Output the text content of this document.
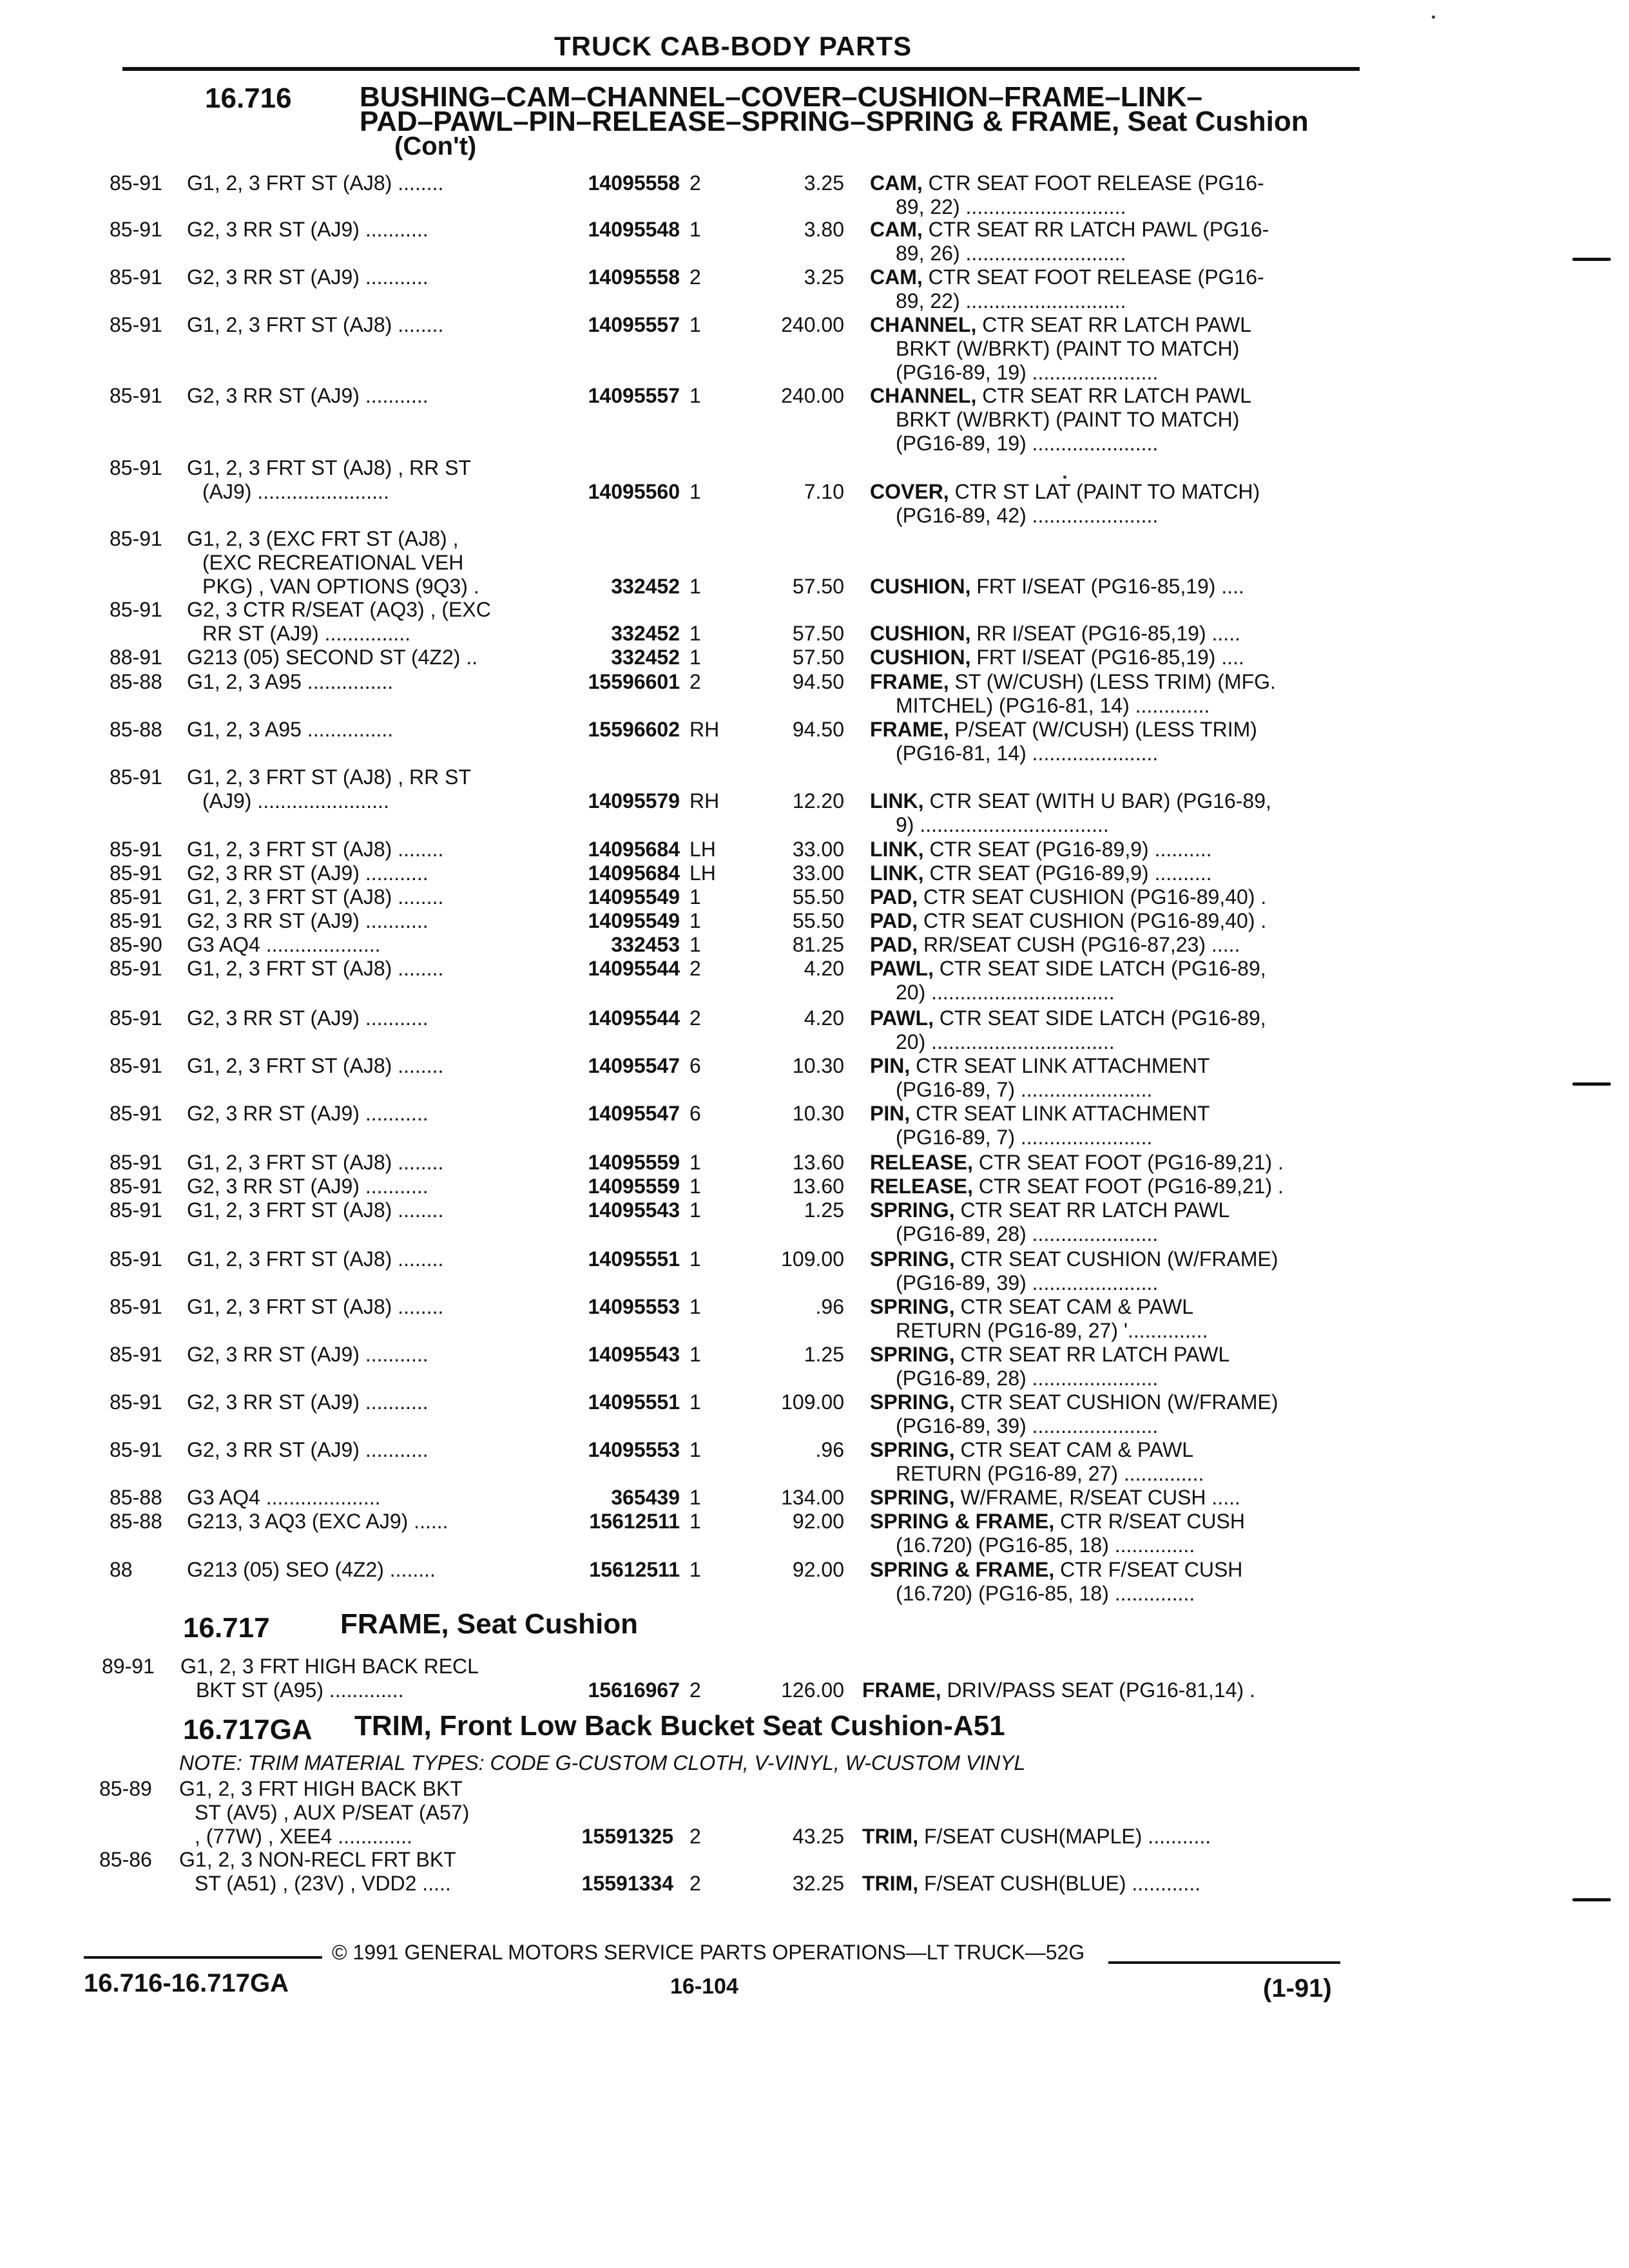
TRUCK CAB-BODY PARTS
16.716 BUSHING–CAM–CHANNEL–COVER–CUSHION–FRAME–LINK–
PAD–PAWL–PIN–RELEASE–SPRING–SPRING & FRAME, Seat Cushion
(Con't)
85-91	G1, 2, 3 FRT ST (AJ8) ........	14095558 2	3.25 CAM, CTR SEAT FOOT RELEASE (PG16-
89, 22) ............................
85-91	G2, 3 RR ST (AJ9) ...........	14095548 1	3.80 CAM, CTR SEAT RR LATCH PAWL (PG16-
89, 26) ............................
85-91	G2, 3 RR ST (AJ9) ...........	14095558 2	3.25 CAM, CTR SEAT FOOT RELEASE (PG16-
89, 22) ............................
85-91	G1, 2, 3 FRT ST (AJ8) ........	14095557 1	240.00 CHANNEL, CTR SEAT RR LATCH PAWL
BRKT (W/BRKT) (PAINT TO MATCH)
(PG16-89, 19) ......................
85-91	G2, 3 RR ST (AJ9) ...........	14095557 1	240.00 CHANNEL, CTR SEAT RR LATCH PAWL
BRKT (W/BRKT) (PAINT TO MATCH)
(PG16-89, 19) ......................
85-91	G1, 2, 3 FRT ST (AJ8) , RR ST
(AJ9) .......................	14095560 1	7.10 COVER, CTR ST LAT (PAINT TO MATCH)
(PG16-89, 42) ......................
85-91	G1, 2, 3 (EXC FRT ST (AJ8) ,
(EXC RECREATIONAL VEH
PKG) , VAN OPTIONS (9Q3) .	332452 1	57.50 CUSHION, FRT I/SEAT (PG16-85,19) ....
85-91	G2, 3 CTR R/SEAT (AQ3) , (EXC
RR ST (AJ9) ...............	332452 1	57.50 CUSHION, RR I/SEAT (PG16-85,19) .....
88-91	G213 (05) SECOND ST (4Z2) ..	332452 1	57.50 CUSHION, FRT I/SEAT (PG16-85,19) ....
85-88	G1, 2, 3 A95 ...............	15596601 2	94.50 FRAME, ST (W/CUSH) (LESS TRIM) (MFG.
MITCHEL) (PG16-81, 14) .............
85-88	G1, 2, 3 A95 ...............	15596602 RH	94.50 FRAME, P/SEAT (W/CUSH) (LESS TRIM)
(PG16-81, 14) ......................
85-91	G1, 2, 3 FRT ST (AJ8) , RR ST
(AJ9) .......................	14095579 RH	12.20 LINK, CTR SEAT (WITH U BAR) (PG16-89,
9) .................................
85-91	G1, 2, 3 FRT ST (AJ8) ........	14095684 LH	33.00 LINK, CTR SEAT (PG16-89,9) ..........
85-91	G2, 3 RR ST (AJ9) ...........	14095684 LH	33.00 LINK, CTR SEAT (PG16-89,9) ..........
85-91	G1, 2, 3 FRT ST (AJ8) ........	14095549 1	55.50 PAD, CTR SEAT CUSHION (PG16-89,40) .
85-91	G2, 3 RR ST (AJ9) ...........	14095549 1	55.50 PAD, CTR SEAT CUSHION (PG16-89,40) .
85-90	G3 AQ4 ....................	332453 1	81.25 PAD, RR/SEAT CUSH (PG16-87,23) .....
85-91	G1, 2, 3 FRT ST (AJ8) ........	14095544 2	4.20 PAWL, CTR SEAT SIDE LATCH (PG16-89,
20) ................................
85-91	G2, 3 RR ST (AJ9) ...........	14095544 2	4.20 PAWL, CTR SEAT SIDE LATCH (PG16-89,
20) ................................
85-91	G1, 2, 3 FRT ST (AJ8) ........	14095547 6	10.30 PIN, CTR SEAT LINK ATTACHMENT
(PG16-89, 7) .......................
85-91	G2, 3 RR ST (AJ9) ...........	14095547 6	10.30 PIN, CTR SEAT LINK ATTACHMENT
(PG16-89, 7) .......................
85-91	G1, 2, 3 FRT ST (AJ8) ........	14095559 1	13.60 RELEASE, CTR SEAT FOOT (PG16-89,21) .
85-91	G2, 3 RR ST (AJ9) ...........	14095559 1	13.60 RELEASE, CTR SEAT FOOT (PG16-89,21) .
85-91	G1, 2, 3 FRT ST (AJ8) ........	14095543 1	1.25 SPRING, CTR SEAT RR LATCH PAWL
(PG16-89, 28) ......................
85-91	G1, 2, 3 FRT ST (AJ8) ........	14095551 1	109.00 SPRING, CTR SEAT CUSHION (W/FRAME)
(PG16-89, 39) ......................
85-91	G1, 2, 3 FRT ST (AJ8) ........	14095553 1	.96 SPRING, CTR SEAT CAM & PAWL
RETURN (PG16-89, 27) '..............
85-91	G2, 3 RR ST (AJ9) ...........	14095543 1	1.25 SPRING, CTR SEAT RR LATCH PAWL
(PG16-89, 28) ......................
85-91	G2, 3 RR ST (AJ9) ...........	14095551 1	109.00 SPRING, CTR SEAT CUSHION (W/FRAME)
(PG16-89, 39) ......................
85-91	G2, 3 RR ST (AJ9) ...........	14095553 1	.96 SPRING, CTR SEAT CAM & PAWL
RETURN (PG16-89, 27) ..............
85-88	G3 AQ4 ....................	365439 1	134.00 SPRING, W/FRAME, R/SEAT CUSH .....
85-88	G213, 3 AQ3 (EXC AJ9) ......	15612511 1	92.00 SPRING & FRAME, CTR R/SEAT CUSH
(16.720) (PG16-85, 18) ..............
88	G213 (05) SEO (4Z2) ........	15612511 1	92.00 SPRING & FRAME, CTR F/SEAT CUSH
(16.720) (PG16-85, 18) ..............
16.717 FRAME, Seat Cushion
89-91	G1, 2, 3 FRT HIGH BACK RECL
BKT ST (A95) .............	15616967 2	126.00 FRAME, DRIV/PASS SEAT (PG16-81,14) .
16.717GA TRIM, Front Low Back Bucket Seat Cushion-A51
NOTE: TRIM MATERIAL TYPES: CODE G-CUSTOM CLOTH, V-VINYL, W-CUSTOM VINYL
85-89	G1, 2, 3 FRT HIGH BACK BKT
ST (AV5) , AUX P/SEAT (A57)
, (77W) , XEE4 .............	15591325 2	43.25 TRIM, F/SEAT CUSH(MAPLE) ...........
85-86	G1, 2, 3 NON-RECL FRT BKT
ST (A51) , (23V) , VDD2 .....	15591334 2	32.25 TRIM, F/SEAT CUSH(BLUE) ............
© 1991 GENERAL MOTORS SERVICE PARTS OPERATIONS—LT TRUCK—52G
16.716-16.717GA	16-104	(1-91)
